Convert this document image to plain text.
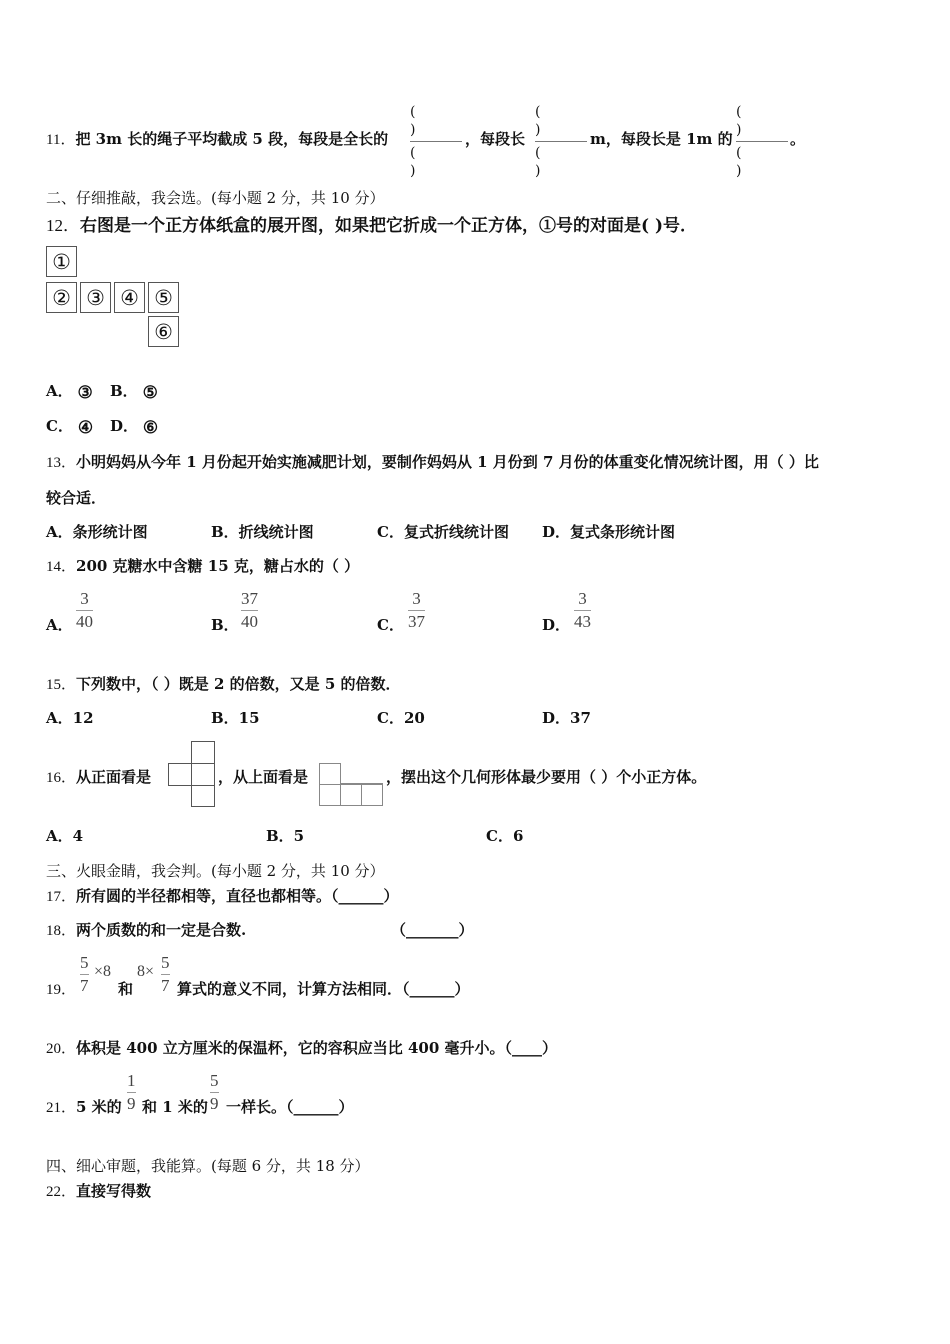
11．把 3m 长的绳子平均截成 5 段，每段是全长的
( )
( )
，每段长
( )
( )
m，每段长是 1m 的
( )
( )
。
二、仔细推敲，我会选。(每小题 2 分，共 10 分）
12．右图是一个正方体纸盒的展开图，如果把它折成一个正方体，①号的对面是( )号．
①
② ③ ④ ⑤
⑥
A． ③	B． ⑤
C． ④	D． ⑥
13．小明妈妈从今年 1 月份起开始实施减肥计划，要制作妈妈从 1 月份到 7 月份的体重变化情况统计图，用（ ）比
较合适．
A．条形统计图	B．折线统计图	C．复式折线统计图 D．复式条形统计图
14．200 克糖水中含糖 15 克，糖占水的（ ）
A．
3
40	B．
37
40	C．
3
37	D．
3
43
15．下列数中，（ ）既是 2 的倍数，又是 5 的倍数．
A．12	B．15	C．20	D．37
16．从正面看是	，从上面看是	，摆出这个几何形体最少要用（ ）个小正方体。
A．4	B．5	C．6
三、火眼金睛，我会判。(每小题 2 分，共 10 分）
17．所有圆的半径都相等，直径也都相等。（______）
18．两个质数的和一定是合数.	（_______）
19．
5
7
×8
和
8× 5
7 算式的意义不同，计算方法相同．（______）
20．体积是 400 立方厘米的保温杯，它的容积应当比 400 毫升小。（____）
21．5 米的
1
9 和 1 米的
5
9 一样长。（______）
四、细心审题，我能算。(每题 6 分，共 18 分）
22．直接写得数
